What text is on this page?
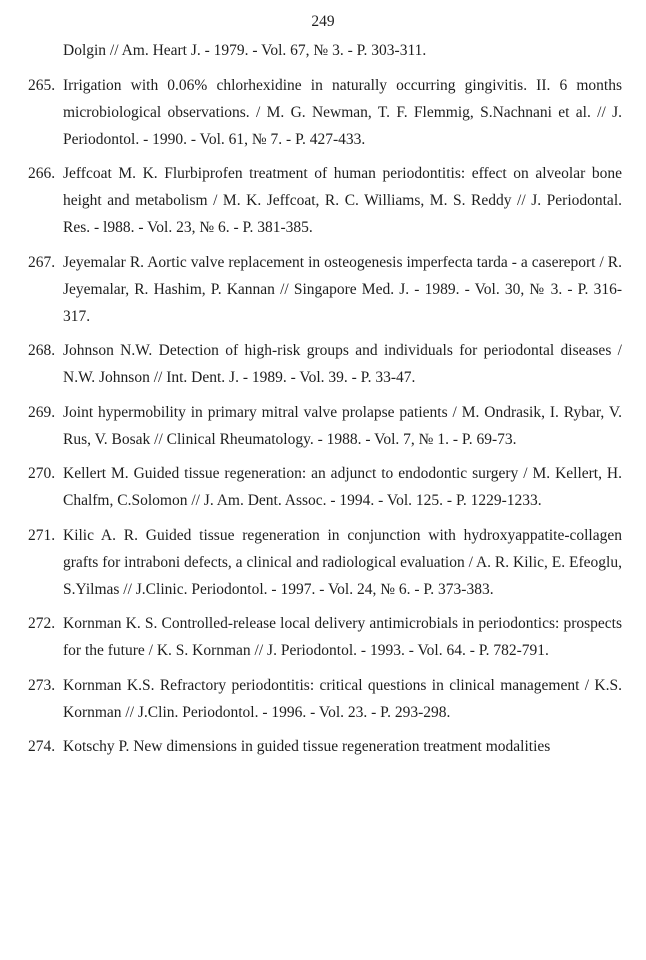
249
Dolgin // Am. Heart J. - 1979. - Vol. 67, № 3. - P. 303-311.
265. Irrigation with 0.06% chlorhexidine in naturally occurring gingivitis. II. 6 months microbiological observations. / M. G. Newman, T. F. Flemmig, S.Nachnani et al. // J. Periodontol. - 1990. - Vol. 61, № 7. - P. 427-433.
266. Jeffcoat M. K. Flurbiprofen treatment of human periodontitis: effect on alveolar bone height and metabolism / M. K. Jeffcoat, R. C. Williams, M. S. Reddy // J. Periodontal. Res. - l988. - Vol. 23, № 6. - P. 381-385.
267. Jeyemalar R. Aortic valve replacement in osteogenesis imperfecta tarda - a casereport / R. Jeyemalar, R. Hashim, P. Kannan // Singapore Med. J. - 1989. - Vol. 30, № 3. - P. 316-317.
268. Johnson N.W. Detection of high-risk groups and individuals for periodontal diseases / N.W. Johnson // Int. Dent. J. - 1989. - Vol. 39. - P. 33-47.
269. Joint hypermobility in primary mitral valve prolapse patients / M. Ondrasik, I. Rybar, V. Rus, V. Bosak // Clinical Rheumatology. - 1988. - Vol. 7, № 1. - P. 69-73.
270. Kellert M. Guided tissue regeneration: an adjunct to endodontic surgery / M. Kellert, H. Chalfm, C.Solomon // J. Am. Dent. Assoc. - 1994. - Vol. 125. - P. 1229-1233.
271. Kilic A. R. Guided tissue regeneration in conjunction with hydroxyappatite-collagen grafts for intraboni defects, a clinical and radiological evaluation / A. R. Kilic, E. Efeoglu, S.Yilmas // J.Clinic. Periodontol. - 1997. - Vol. 24, № 6. - P. 373-383.
272. Kornman K. S. Controlled-release local delivery antimicrobials in periodontics: prospects for the future / K. S. Kornman // J. Periodontol. - 1993. - Vol. 64. - P. 782-791.
273. Kornman K.S. Refractory periodontitis: critical questions in clinical management / K.S. Kornman // J.Clin. Periodontol. - 1996. - Vol. 23. - P. 293-298.
274. Kotschy P. New dimensions in guided tissue regeneration treatment modalities
